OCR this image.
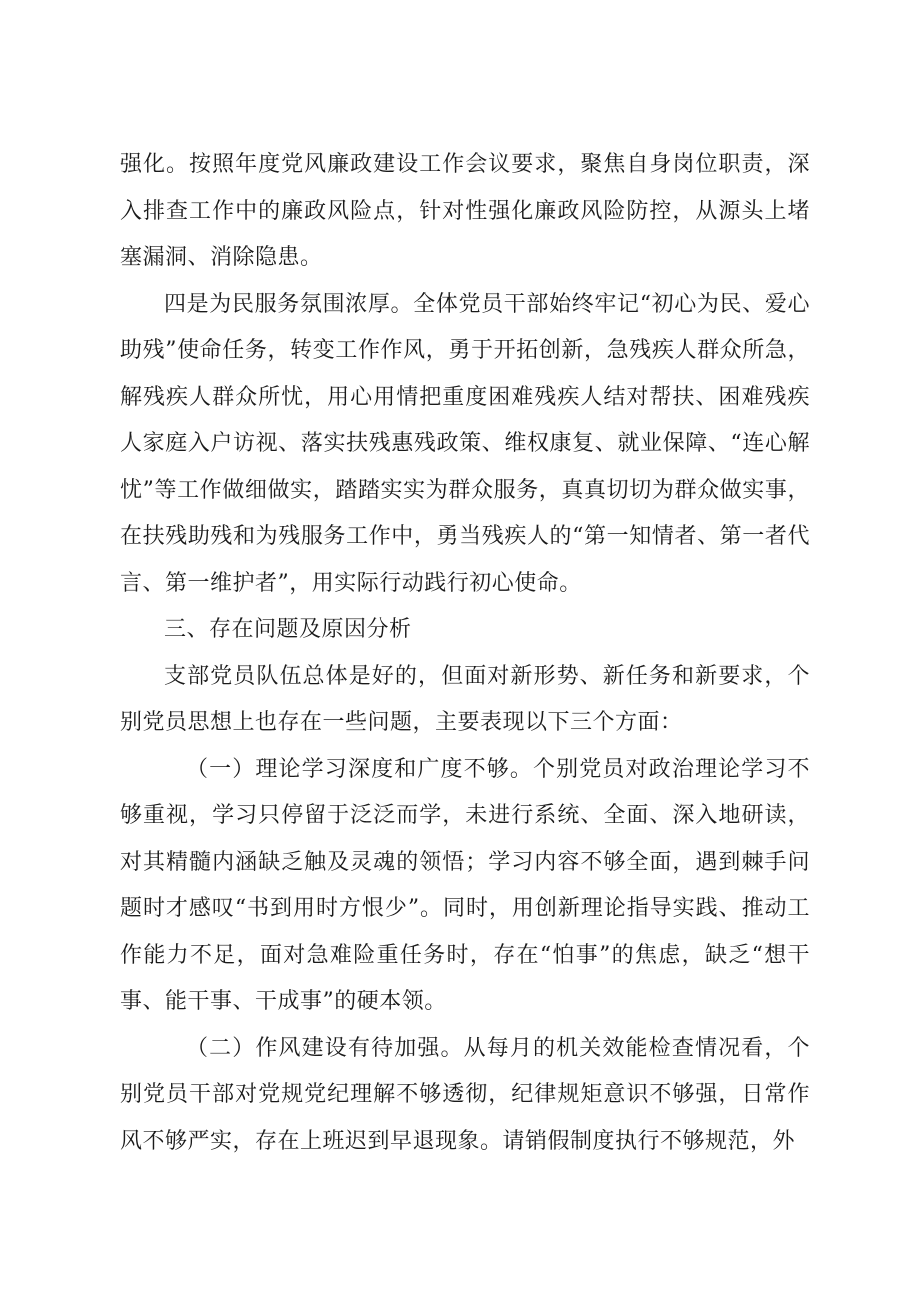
强化。按照年度党风廉政建设工作会议要求，聚焦自身岗位职责，深入排查工作中的廉政风险点，针对性强化廉政风险防控，从源头上堵塞漏洞、消除隐患。

四是为民服务氛围浓厚。全体党员干部始终牢记“初心为民、爱心助残”使命任务，转变工作作风，勇于开拓创新，急残疾人群众所急，解残疾人群众所忧，用心用情把重度困难残疾人结对帮扶、困难残疾人家庭入户访视、落实扶残惠残政策、维权康复、就业保障、“连心解忧”等工作做细做实，踏踏实实为群众服务，真真切切为群众做实事，在扶残助残和为残服务工作中，勇当残疾人的“第一知情者、第一者代言、第一维护者”，用实际行动践行初心使命。

三、存在问题及原因分析

支部党员队伍总体是好的，但面对新形势、新任务和新要求，个别党员思想上也存在一些问题，主要表现以下三个方面：

（一）理论学习深度和广度不够。个别党员对政治理论学习不够重视，学习只停留于泛泛而学，未进行系统、全面、深入地研读，对其精髓内涵缺乏触及灵魂的领悟；学习内容不够全面，遇到棘手问题时才感叹“书到用时方恨少”。同时，用创新理论指导实践、推动工作能力不足，面对急难险重任务时，存在“怕事”的焦虑，缺乏“想干事、能干事、干成事”的硬本领。

（二）作风建设有待加强。从每月的机关效能检查情况看，个别党员干部对党规党纪理解不够透彻，纪律规矩意识不够强，日常作风不够严实，存在上班迟到早退现象。请销假制度执行不够规范，外
